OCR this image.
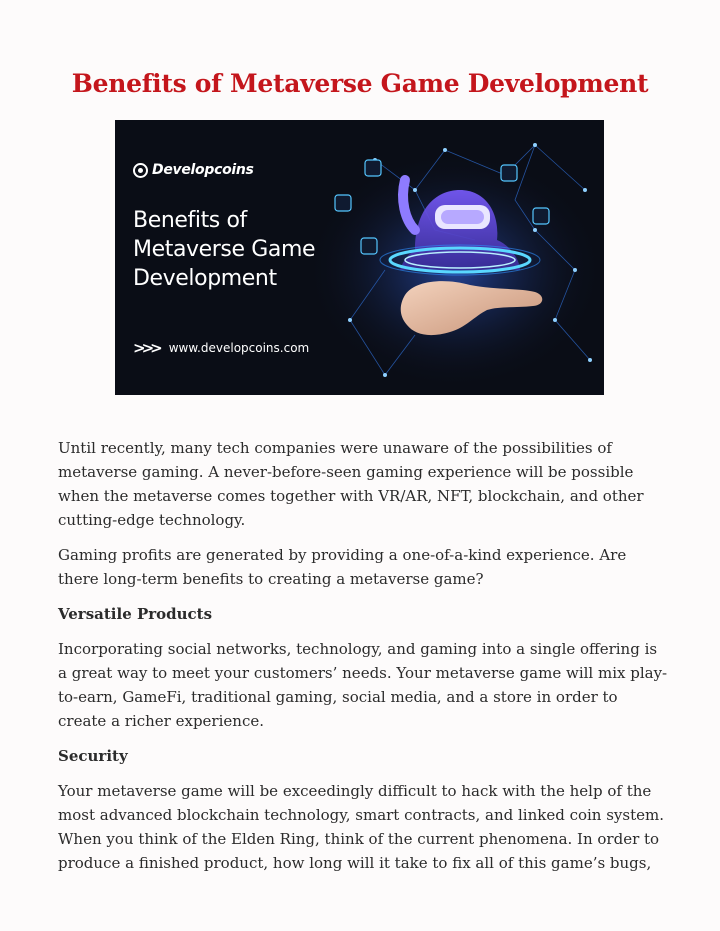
Benefits of Metaverse Game Development
Developcoins
Benefits of
Metaverse Game
Development
>>> www.developcoins.com

Until recently, many tech companies were unaware of the possibilities of metaverse gaming. A never-before-seen gaming experience will be possible when the metaverse comes together with VR/AR, NFT, blockchain, and other cutting-edge technology.

Gaming profits are generated by providing a one-of-a-kind experience. Are there long-term benefits to creating a metaverse game?

Versatile Products

Incorporating social networks, technology, and gaming into a single offering is a great way to meet your customers’ needs. Your metaverse game will mix play-to-earn, GameFi, traditional gaming, social media, and a store in order to create a richer experience.

Security

Your metaverse game will be exceedingly difficult to hack with the help of the most advanced blockchain technology, smart contracts, and linked coin system. When you think of the Elden Ring, think of the current phenomena. In order to produce a finished product, how long will it take to fix all of this game’s bugs,
